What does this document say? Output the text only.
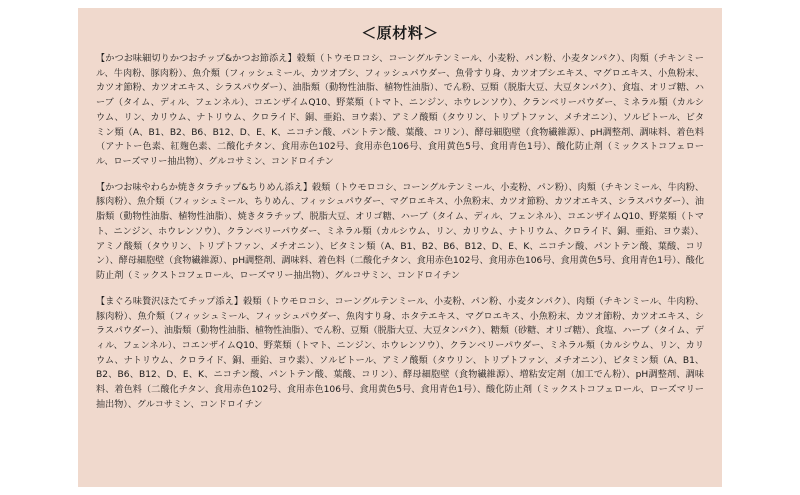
＜原材料＞

【かつお味細切りかつおチップ&かつお節添え】穀類（トウモロコシ、コーングルテンミール、小麦粉、パン粉、小麦タンパク）、肉類（チキンミール、牛肉粉、豚肉粉）、魚介類（フィッシュミール、カツオブシ、フィッシュパウダー、魚骨すり身、カツオブシエキス、マグロエキス、小魚粉末、カツオ節粉、カツオエキス、シラスパウダー）、油脂類（動物性油脂、植物性油脂）、でん粉、豆類（脱脂大豆、大豆タンパク）、食塩、オリゴ糖、ハーブ（タイム、ディル、フェンネル）、コエンザイムQ10、野菜類（トマト、ニンジン、ホウレンソウ）、クランベリーパウダー、ミネラル類（カルシウム、リン、カリウム、ナトリウム、クロライド、銅、亜鉛、ヨウ素）、アミノ酸類（タウリン、トリプトファン、メチオニン）、ソルビトール、ビタミン類（A、B1、B2、B6、B12、D、E、K、ニコチン酸、パントテン酸、葉酸、コリン）、酵母細胞壁（食物繊維源）、pH調整剤、調味料、着色料（アナトー色素、紅麹色素、二酸化チタン、食用赤色102号、食用赤色106号、食用黄色5号、食用青色1号）、酸化防止剤（ミックストコフェロール、ローズマリー抽出物）、グルコサミン、コンドロイチン

【かつお味やわらか焼きタラチップ&ちりめん添え】穀類（トウモロコシ、コーングルテンミール、小麦粉、パン粉）、肉類（チキンミール、牛肉粉、豚肉粉）、魚介類（フィッシュミール、ちりめん、フィッシュパウダー、マグロエキス、小魚粉末、カツオ節粉、カツオエキス、シラスパウダー）、油脂類（動物性油脂、植物性油脂）、焼きタラチップ、脱脂大豆、オリゴ糖、ハーブ（タイム、ディル、フェンネル）、コエンザイムQ10、野菜類（トマト、ニンジン、ホウレンソウ）、クランベリーパウダー、ミネラル類（カルシウム、リン、カリウム、ナトリウム、クロライド、銅、亜鉛、ヨウ素）、アミノ酸類（タウリン、トリプトファン、メチオニン）、ビタミン類（A、B1、B2、B6、B12、D、E、K、ニコチン酸、パントテン酸、葉酸、コリン）、酵母細胞壁（食物繊維源）、pH調整剤、調味料、着色料（二酸化チタン、食用赤色102号、食用赤色106号、食用黄色5号、食用青色1号）、酸化防止剤（ミックストコフェロール、ローズマリー抽出物）、グルコサミン、コンドロイチン

【まぐろ味贅沢ほたてチップ添え】穀類（トウモロコシ、コーングルテンミール、小麦粉、パン粉、小麦タンパク）、肉類（チキンミール、牛肉粉、豚肉粉）、魚介類（フィッシュミール、フィッシュパウダー、魚肉すり身、ホタテエキス、マグロエキス、小魚粉末、カツオ節粉、カツオエキス、シラスパウダー）、油脂類（動物性油脂、植物性油脂）、でん粉、豆類（脱脂大豆、大豆タンパク）、糖類（砂糖、オリゴ糖）、食塩、ハーブ（タイム、ディル、フェンネル）、コエンザイムQ10、野菜類（トマト、ニンジン、ホウレンソウ）、クランベリーパウダー、ミネラル類（カルシウム、リン、カリウム、ナトリウム、クロライド、銅、亜鉛、ヨウ素）、ソルビトール、アミノ酸類（タウリン、トリプトファン、メチオニン）、ビタミン類（A、B1、B2、B6、B12、D、E、K、ニコチン酸、パントテン酸、葉酸、コリン）、酵母細胞壁（食物繊維源）、増粘安定剤（加工でん粉）、pH調整剤、調味料、着色料（二酸化チタン、食用赤色102号、食用赤色106号、食用黄色5号、食用青色1号）、酸化防止剤（ミックストコフェロール、ローズマリー抽出物）、グルコサミン、コンドロイチン
